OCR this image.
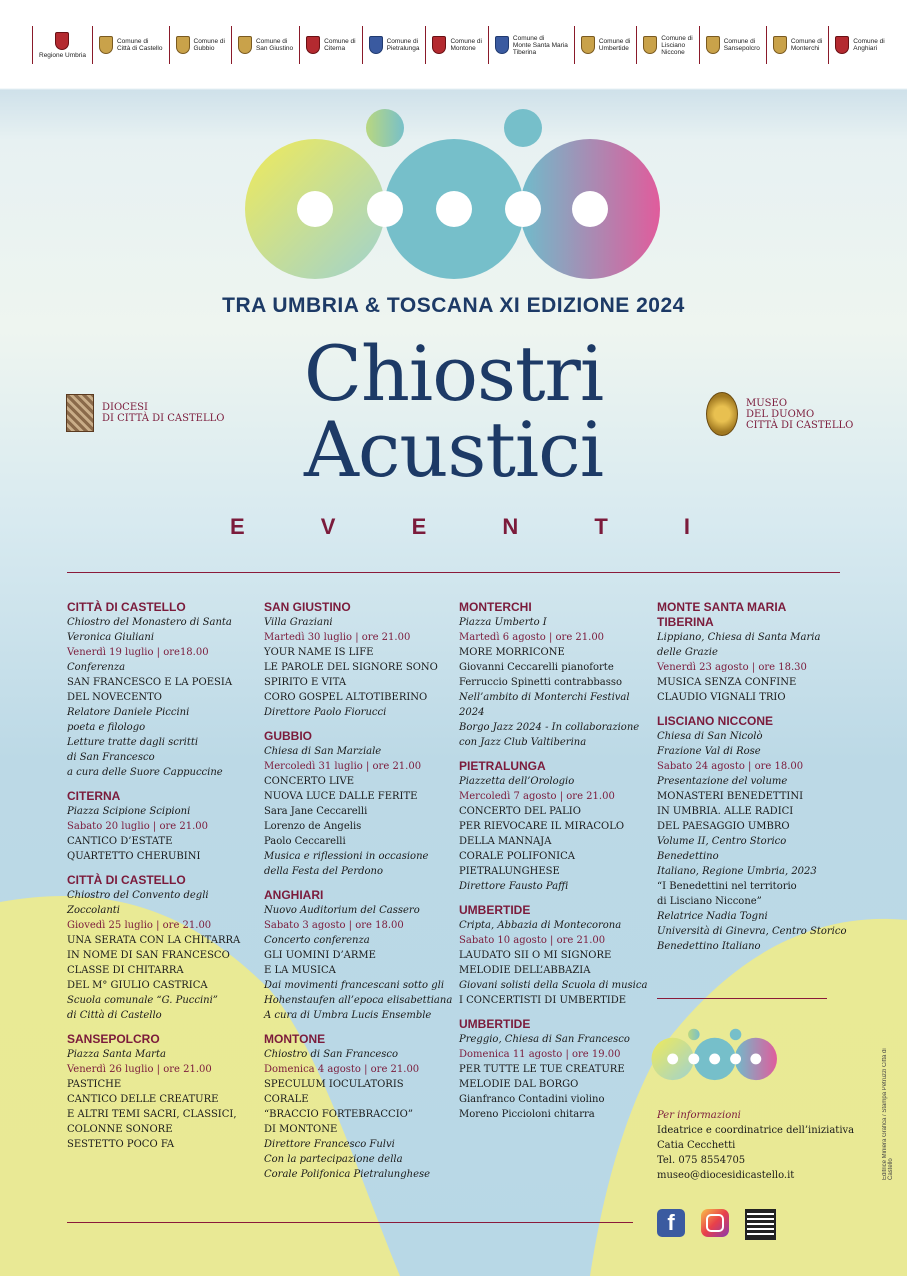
Regione Umbria
Comune di
Città di Castello
Comune di
Gubbio
Comune di
San Giustino
Comune di
Citerna
Comune di
Pietralunga
Comune di
Montone
Comune di
Monte Santa Maria
Tiberina
Comune di
Umbertide
Comune di
Lisciano
Niccone
Comune di
Sansepolcro
Comune di
Monterchi
Comune di
Anghiari
TRA UMBRIA & TOSCANA XI EDIZIONE 2024
Chiostri
Acustici
E	V	E	N	T	I
DIOCESI
DI CITTÀ DI CASTELLO
MUSEO
DEL DUOMO
CITTÀ DI CASTELLO
CITTÀ DI CASTELLO
Chiostro del Monastero di Santa
Veronica Giuliani
Venerdì 19 luglio | ore18.00
Conferenza
SAN FRANCESCO E LA POESIA
DEL NOVECENTO
Relatore Daniele Piccini
poeta e filologo
Letture tratte dagli scritti
di San Francesco
a cura delle Suore Cappuccine
CITERNA
Piazza Scipione Scipioni
Sabato 20 luglio | ore 21.00
CANTICO D’ESTATE
QUARTETTO CHERUBINI
CITTÀ DI CASTELLO
Chiostro del Convento degli Zoccolanti
Giovedì 25 luglio | ore 21.00
UNA SERATA CON LA CHITARRA
IN NOME DI SAN FRANCESCO
CLASSE DI CHITARRA
DEL M° GIULIO CASTRICA
Scuola comunale “G. Puccini”
di Città di Castello
SANSEPOLCRO
Piazza Santa Marta
Venerdì 26 luglio | ore 21.00
PASTICHE
CANTICO DELLE CREATURE
E ALTRI TEMI SACRI, CLASSICI,
COLONNE SONORE
SESTETTO POCO FA
SAN GIUSTINO
Villa Graziani
Martedì 30 luglio | ore 21.00
YOUR NAME IS LIFE
LE PAROLE DEL SIGNORE SONO
SPIRITO E VITA
CORO GOSPEL ALTOTIBERINO
Direttore Paolo Fiorucci
GUBBIO
Chiesa di San Marziale
Mercoledì 31 luglio | ore 21.00
CONCERTO LIVE
NUOVA LUCE DALLE FERITE
Sara Jane Ceccarelli
Lorenzo de Angelis
Paolo Ceccarelli
Musica e riflessioni in occasione
della Festa del Perdono
ANGHIARI
Nuovo Auditorium del Cassero
Sabato 3 agosto | ore 18.00
Concerto conferenza
GLI UOMINI D’ARME
E LA MUSICA
Dai movimenti francescani sotto gli
Hohenstaufen all’epoca elisabettiana
A cura di Umbra Lucis Ensemble
MONTONE
Chiostro di San Francesco
Domenica 4 agosto | ore 21.00
SPECULUM IOCULATORIS
CORALE
“BRACCIO FORTEBRACCIO”
DI MONTONE
Direttore Francesco Fulvi
Con la partecipazione della
Corale Polifonica Pietralunghese
MONTERCHI
Piazza Umberto I
Martedì 6 agosto | ore 21.00
MORE MORRICONE
Giovanni Ceccarelli pianoforte
Ferruccio Spinetti contrabbasso
Nell’ambito di Monterchi Festival 2024
Borgo Jazz 2024 - In collaborazione
con Jazz Club Valtiberina
PIETRALUNGA
Piazzetta dell’Orologio
Mercoledì 7 agosto | ore 21.00
CONCERTO DEL PALIO
PER RIEVOCARE IL MIRACOLO
DELLA MANNAJA
CORALE POLIFONICA
PIETRALUNGHESE
Direttore Fausto Paffi
UMBERTIDE
Cripta, Abbazia di Montecorona
Sabato 10 agosto | ore 21.00
LAUDATO SII O MI SIGNORE
MELODIE DELL’ABBAZIA
Giovani solisti della Scuola di musica
I CONCERTISTI DI UMBERTIDE
UMBERTIDE
Preggio, Chiesa di San Francesco
Domenica 11 agosto | ore 19.00
PER TUTTE LE TUE CREATURE
MELODIE DAL BORGO
Gianfranco Contadini violino
Moreno Piccioloni chitarra
MONTE SANTA MARIA
TIBERINA
Lippiano, Chiesa di Santa Maria
delle Grazie
Venerdì 23 agosto | ore 18.30
MUSICA SENZA CONFINE
CLAUDIO VIGNALI TRIO
LISCIANO NICCONE
Chiesa di San Nicolò
Frazione Val di Rose
Sabato 24 agosto | ore 18.00
Presentazione del volume
MONASTERI BENEDETTINI
IN UMBRIA. ALLE RADICI
DEL PAESAGGIO UMBRO
Volume II, Centro Storico Benedettino
Italiano, Regione Umbria, 2023
“I Benedettini nel territorio
di Lisciano Niccone”
Relatrice Nadia Togni
Università di Ginevra, Centro Storico
Benedettino Italiano
Per informazioni
Ideatrice e coordinatrice dell’iniziativa
Catia Cecchetti
Tel. 075 8554705
museo@diocesidicastello.it
f
Editrice Miniera Grafica / Stampa Petruzzi Città di Castello
